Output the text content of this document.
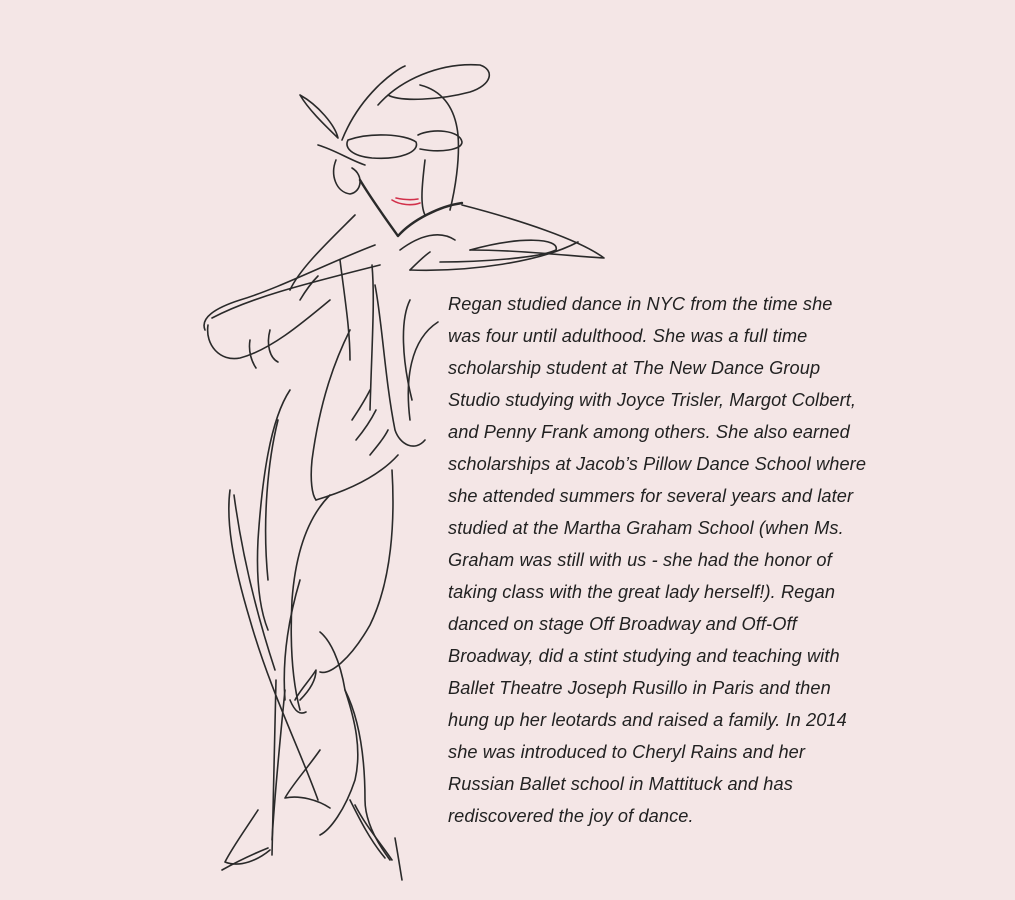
Regan studied dance in NYC from the time she
was four until adulthood. She was a full time
scholarship student at The New Dance Group
Studio studying with Joyce Trisler, Margot Colbert,
and Penny Frank among others. She also earned
scholarships at Jacob’s Pillow Dance School where
she attended summers for several years and later
studied at the Martha Graham School (when Ms.
Graham was still with us - she had the honor of
taking class with the great lady herself!). Regan
danced on stage Off Broadway and Off-Off
Broadway, did a stint studying and teaching with
Ballet Theatre Joseph Rusillo in Paris and then
hung up her leotards and raised a family. In 2014
she was introduced to Cheryl Rains and her
Russian Ballet school in Mattituck and has
rediscovered the joy of dance.
